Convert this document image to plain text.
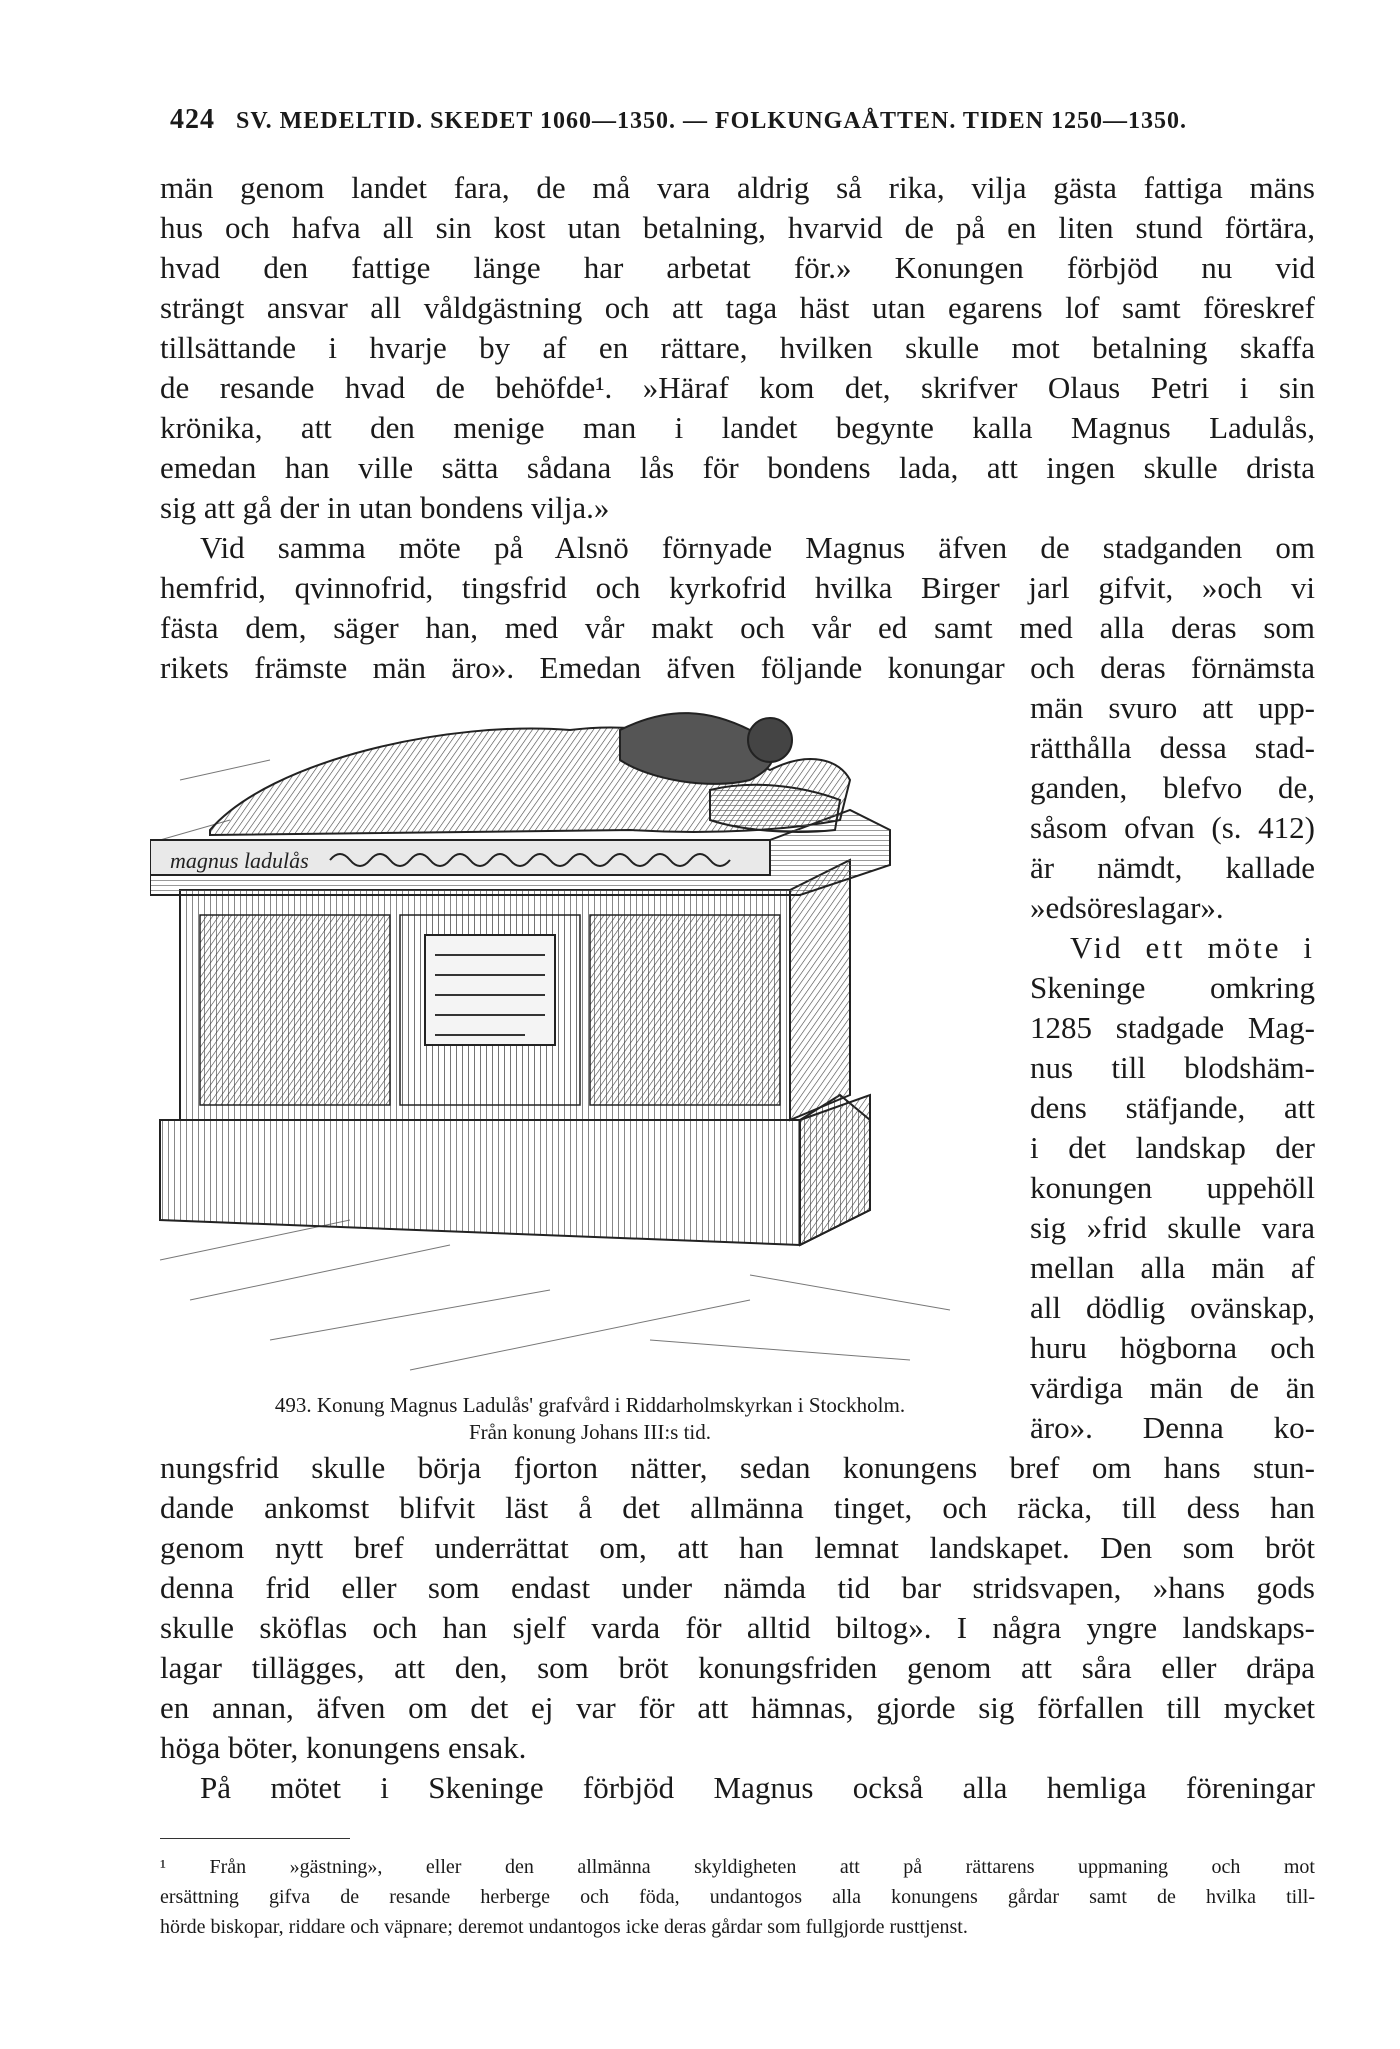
424 SV. MEDELTID. SKEDET 1060—1350. — FOLKUNGAÅTTEN. TIDEN 1250—1350.
män genom landet fara, de må vara aldrig så rika, vilja gästa fattiga mäns
hus och hafva all sin kost utan betalning, hvarvid de på en liten stund förtära,
hvad den fattige länge har arbetat för.» Konungen förbjöd nu vid
strängt ansvar all våldgästning och att taga häst utan egarens lof samt föreskref
tillsättande i hvarje by af en rättare, hvilken skulle mot betalning skaffa
de resande hvad de behöfde¹. »Häraf kom det, skrifver Olaus Petri i sin
krönika, att den menige man i landet begynte kalla Magnus Ladulås,
emedan han ville sätta sådana lås för bondens lada, att ingen skulle drista
sig att gå der in utan bondens vilja.»
Vid samma möte på Alsnö förnyade Magnus äfven de stadganden om
hemfrid, qvinnofrid, tingsfrid och kyrkofrid hvilka Birger jarl gifvit, »och vi
fästa dem, säger han, med vår makt och vår ed samt med alla deras som
rikets främste män äro». Emedan äfven följande konungar och deras förnämsta
magnus ladulås
493. Konung Magnus Ladulås' grafvård i Riddarholmskyrkan i Stockholm.
Från konung Johans III:s tid.
män svuro att upp-
rätthålla dessa stad-
ganden, blefvo de,
såsom ofvan (s. 412)
är nämdt, kallade
»edsöreslagar».
Vid ett möte i
Skeninge omkring
1285 stadgade Mag-
nus till blodshäm-
dens stäfjande, att
i det landskap der
konungen uppehöll
sig »frid skulle vara
mellan alla män af
all dödlig ovänskap,
huru högborna och
värdiga män de än
äro». Denna ko-
nungsfrid skulle börja fjorton nätter, sedan konungens bref om hans stun-
dande ankomst blifvit läst å det allmänna tinget, och räcka, till dess han
genom nytt bref underrättat om, att han lemnat landskapet. Den som bröt
denna frid eller som endast under nämda tid bar stridsvapen, »hans gods
skulle sköflas och han sjelf varda för alltid biltog». I några yngre landskaps-
lagar tillägges, att den, som bröt konungsfriden genom att såra eller dräpa
en annan, äfven om det ej var för att hämnas, gjorde sig förfallen till mycket
höga böter, konungens ensak.
På mötet i Skeninge förbjöd Magnus också alla hemliga föreningar
¹ Från »gästning», eller den allmänna skyldigheten att på rättarens uppmaning och mot
ersättning gifva de resande herberge och föda, undantogos alla konungens gårdar samt de hvilka till-
hörde biskopar, riddare och väpnare; deremot undantogos icke deras gårdar som fullgjorde rusttjenst.
